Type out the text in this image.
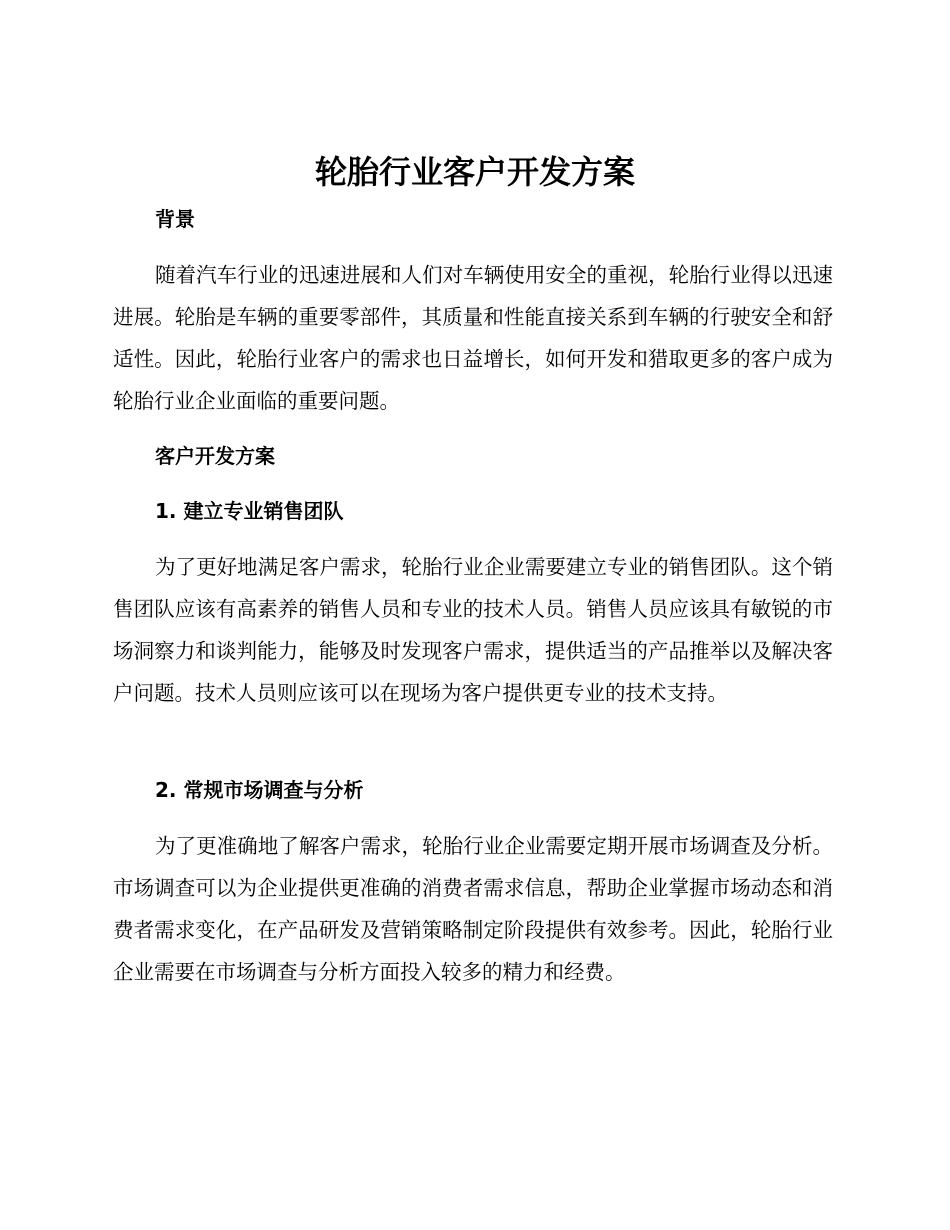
轮胎行业客户开发方案
背景

随着汽车行业的迅速进展和人们对车辆使用安全的重视，轮胎行业得以迅速进展。轮胎是车辆的重要零部件，其质量和性能直接关系到车辆的行驶安全和舒适性。因此，轮胎行业客户的需求也日益增长，如何开发和猎取更多的客户成为轮胎行业企业面临的重要问题。

客户开发方案
1. 建立专业销售团队

为了更好地满足客户需求，轮胎行业企业需要建立专业的销售团队。这个销售团队应该有高素养的销售人员和专业的技术人员。销售人员应该具有敏锐的市场洞察力和谈判能力，能够及时发现客户需求，提供适当的产品推举以及解决客户问题。技术人员则应该可以在现场为客户提供更专业的技术支持。

2. 常规市场调查与分析

为了更准确地了解客户需求，轮胎行业企业需要定期开展市场调查及分析。市场调查可以为企业提供更准确的消费者需求信息，帮助企业掌握市场动态和消费者需求变化，在产品研发及营销策略制定阶段提供有效参考。因此，轮胎行业企业需要在市场调查与分析方面投入较多的精力和经费。
